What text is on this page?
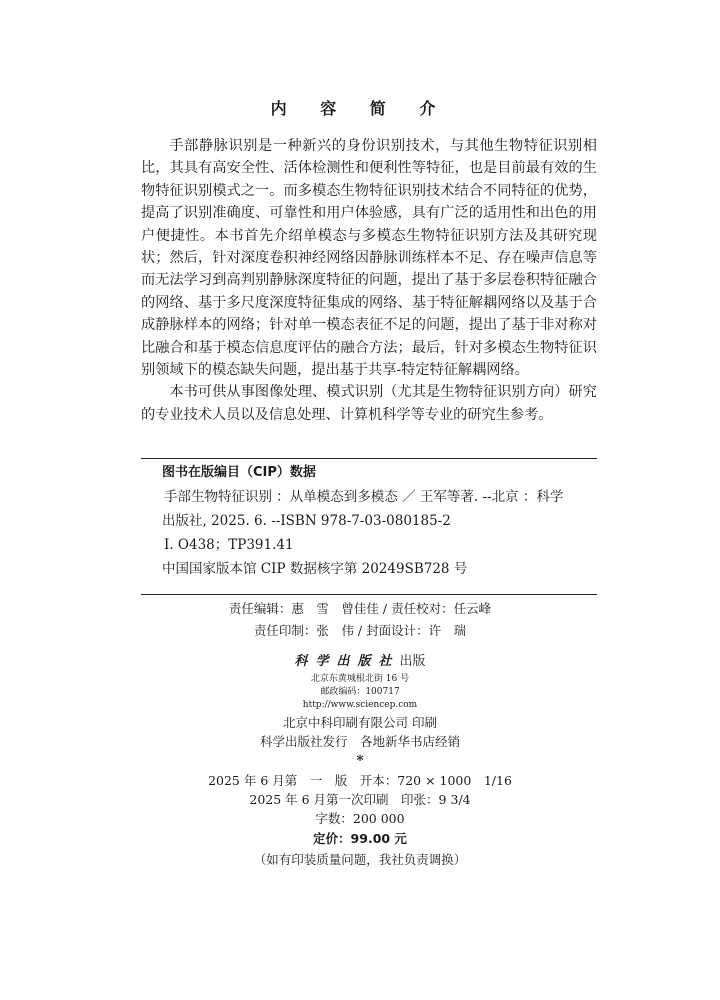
内 容 简 介

手部静脉识别是一种新兴的身份识别技术，与其他生物特征识别相比，其具有高安全性、活体检测性和便利性等特征，也是目前最有效的生物特征识别模式之一。而多模态生物特征识别技术结合不同特征的优势，提高了识别准确度、可靠性和用户体验感，具有广泛的适用性和出色的用户便捷性。本书首先介绍单模态与多模态生物特征识别方法及其研究现状；然后，针对深度卷积神经网络因静脉训练样本不足、存在噪声信息等而无法学习到高判别静脉深度特征的问题，提出了基于多层卷积特征融合的网络、基于多尺度深度特征集成的网络、基于特征解耦网络以及基于合成静脉样本的网络；针对单一模态表征不足的问题，提出了基于非对称对比融合和基于模态信息度评估的融合方法；最后，针对多模态生物特征识别领域下的模态缺失问题，提出基于共享-特定特征解耦网络。

本书可供从事图像处理、模式识别（尤其是生物特征识别方向）研究的专业技术人员以及信息处理、计算机科学等专业的研究生参考。

图书在版编目（CIP）数据
手部生物特征识别 ：从单模态到多模态 ／ 王军等著. --北京 ：科学
出版社, 2025. 6. --ISBN 978-7-03-080185-2
Ⅰ. O438；TP391.41
中国国家版本馆 CIP 数据核字第 20249SB728 号
责任编辑：惠　雪　曾佳佳 / 责任校对：任云峰
责任印制：张　伟 / 封面设计：许　瑞
科学出版社出版
北京东黄城根北街 16 号
邮政编码：100717
http://www.sciencep.com
北京中科印刷有限公司 印刷
科学出版社发行　各地新华书店经销
*
2025 年 6 月第　一　版　开本：720 × 1000　1/16
2025 年 6 月第一次印刷　印张：9 3/4
字数：200 000
定价：99.00 元
（如有印装质量问题，我社负责调换）
